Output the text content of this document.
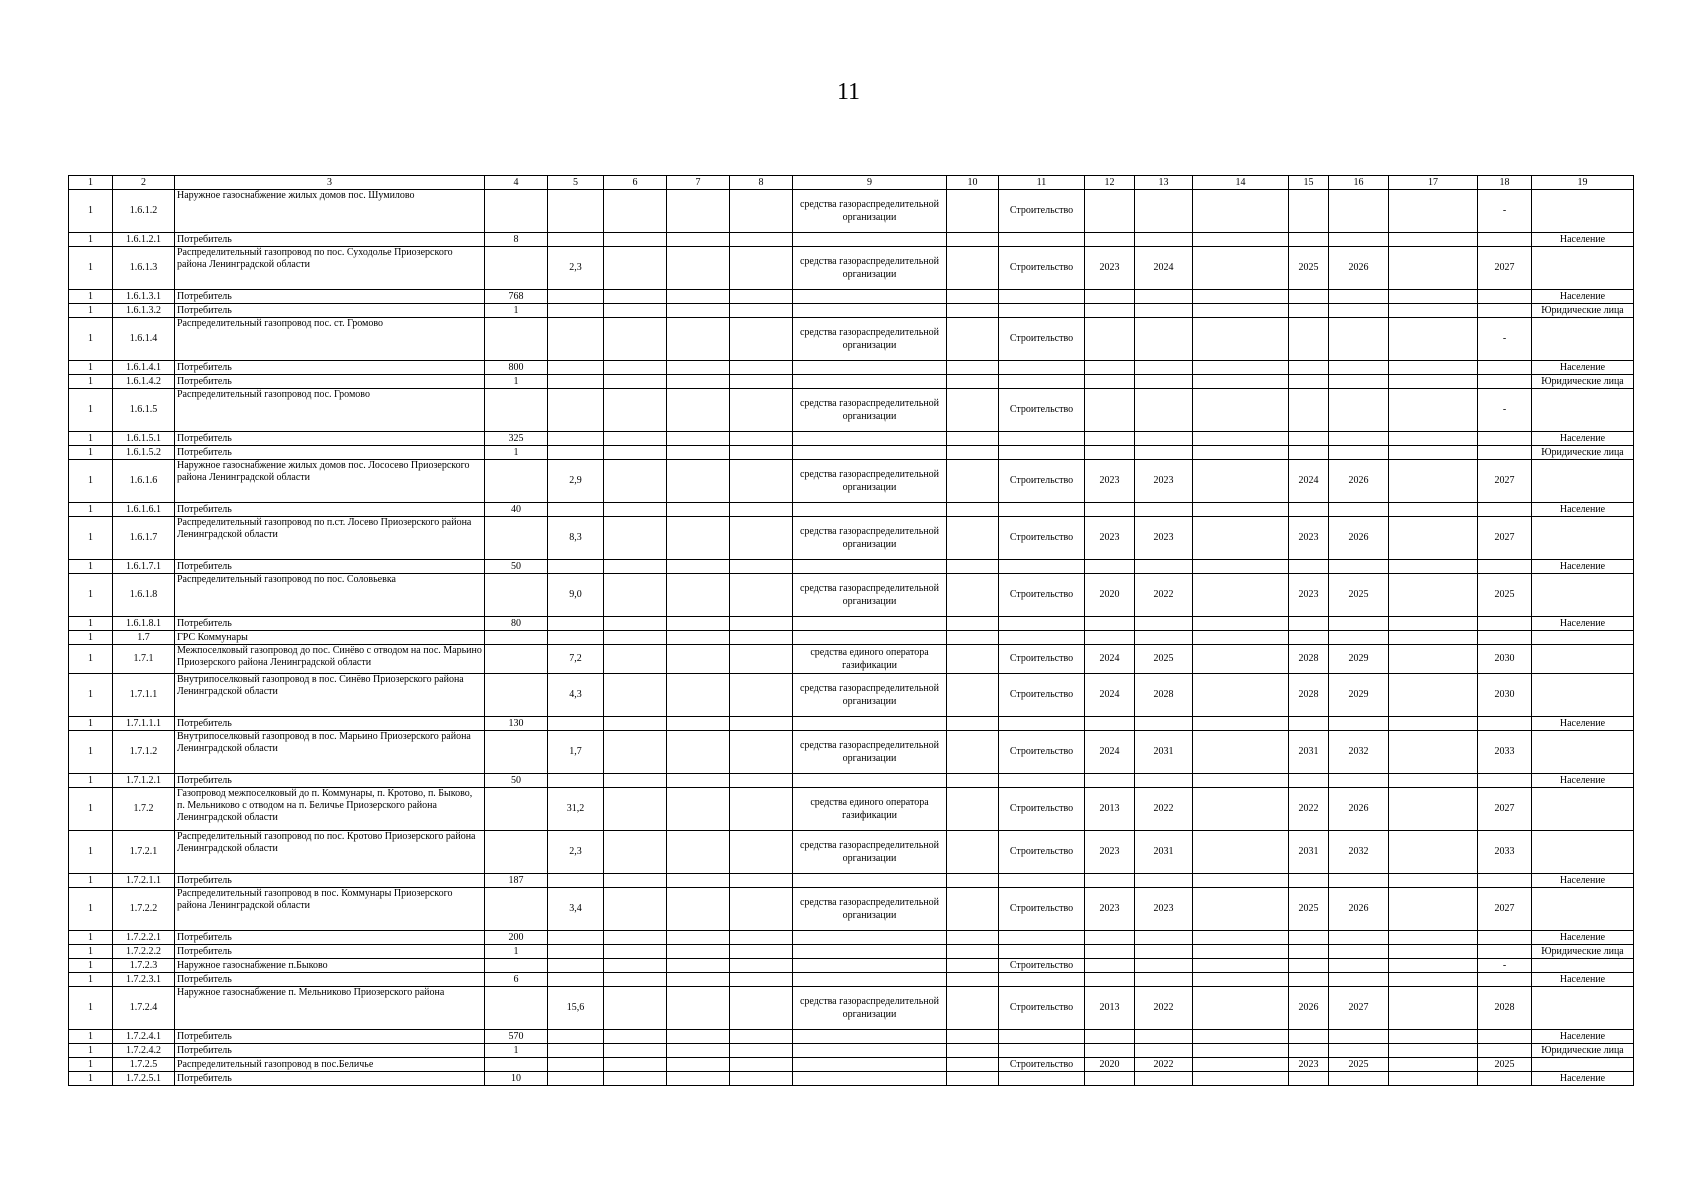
11
1	2	3	4	5	6	7	8	9	10	11	12	13	14	15	16	17	18	19
1	1.6.1.2	Наружное газоснабжение жилых домов пос. Шумилово						средства газораспределительной организации		Строительство							-	
1	1.6.1.2.1	Потребитель	8															Население
1	1.6.1.3	Распределительный газопровод по пос. Суходолье Приозерского района Ленинградской области		2,3				средства газораспределительной организации		Строительство	2023	2024		2025	2026		2027	
1	1.6.1.3.1	Потребитель	768															Население
1	1.6.1.3.2	Потребитель	1															Юридические лица
1	1.6.1.4	Распределительный газопровод пос. ст. Громово						средства газораспределительной организации		Строительство							-	
1	1.6.1.4.1	Потребитель	800															Население
1	1.6.1.4.2	Потребитель	1															Юридические лица
1	1.6.1.5	Распределительный газопровод пос. Громово						средства газораспределительной организации		Строительство							-	
1	1.6.1.5.1	Потребитель	325															Население
1	1.6.1.5.2	Потребитель	1															Юридические лица
1	1.6.1.6	Наружное газоснабжение жилых домов пос. Лососево Приозерского района Ленинградской области		2,9				средства газораспределительной организации		Строительство	2023	2023		2024	2026		2027	
1	1.6.1.6.1	Потребитель	40															Население
1	1.6.1.7	Распределительный газопровод по п.ст. Лосево Приозерского района Ленинградской области		8,3				средства газораспределительной организации		Строительство	2023	2023		2023	2026		2027	
1	1.6.1.7.1	Потребитель	50															Население
1	1.6.1.8	Распределительный газопровод по пос. Соловьевка		9,0				средства газораспределительной организации		Строительство	2020	2022		2023	2025		2025	
1	1.6.1.8.1	Потребитель	80															Население
1	1.7	ГРС Коммунары																
1	1.7.1	Межпоселковый газопровод до пос. Синёво с отводом на пос. Марьино Приозерского района Ленинградской области		7,2				средства единого оператора газификации		Строительство	2024	2025		2028	2029		2030	
1	1.7.1.1	Внутрипоселковый газопровод в пос. Синёво Приозерского района Ленинградской области		4,3				средства газораспределительной организации		Строительство	2024	2028		2028	2029		2030	
1	1.7.1.1.1	Потребитель	130															Население
1	1.7.1.2	Внутрипоселковый газопровод в пос. Марьино Приозерского района Ленинградской области		1,7				средства газораспределительной организации		Строительство	2024	2031		2031	2032		2033	
1	1.7.1.2.1	Потребитель	50															Население
1	1.7.2	Газопровод межпоселковый до п. Коммунары, п. Кротово, п. Быково, п. Мельниково с отводом на п. Беличье Приозерского района Ленинградской области		31,2				средства единого оператора газификации		Строительство	2013	2022		2022	2026		2027	
1	1.7.2.1	Распределительный газопровод по пос. Кротово Приозерского района Ленинградской области		2,3				средства газораспределительной организации		Строительство	2023	2031		2031	2032		2033	
1	1.7.2.1.1	Потребитель	187															Население
1	1.7.2.2	Распределительный газопровод в пос. Коммунары Приозерского района Ленинградской области		3,4				средства газораспределительной организации		Строительство	2023	2023		2025	2026		2027	
1	1.7.2.2.1	Потребитель	200															Население
1	1.7.2.2.2	Потребитель	1															Юридические лица
1	1.7.2.3	Наружное газоснабжение п.Быково								Строительство							-	
1	1.7.2.3.1	Потребитель	6															Население
1	1.7.2.4	Наружное газоснабжение п. Мельниково Приозерского района		15,6				средства газораспределительной организации		Строительство	2013	2022		2026	2027		2028	
1	1.7.2.4.1	Потребитель	570															Население
1	1.7.2.4.2	Потребитель	1															Юридические лица
1	1.7.2.5	Распределительный газопровод в пос.Беличье								Строительство	2020	2022		2023	2025		2025	
1	1.7.2.5.1	Потребитель	10															Население
